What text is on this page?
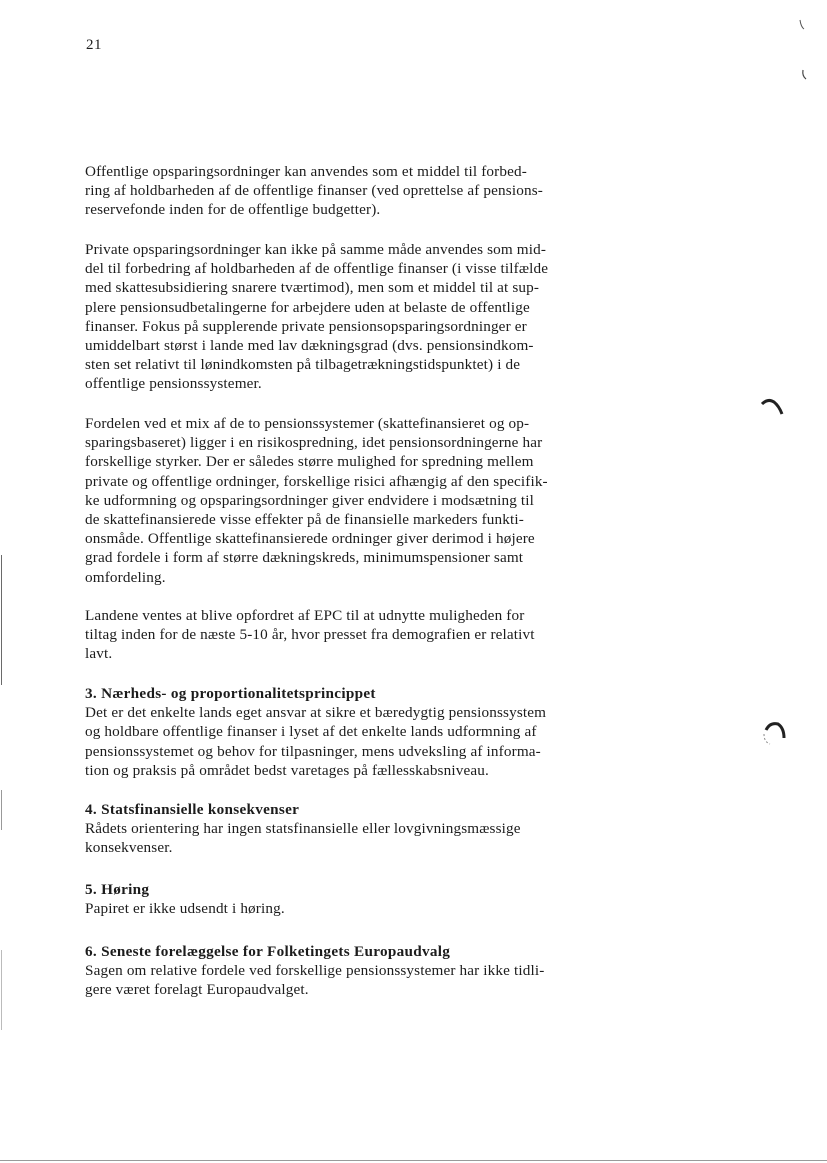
21

Offentlige opsparingsordninger kan anvendes som et middel til forbed-
ring af holdbarheden af de offentlige finanser (ved oprettelse af pensions-
reservefonde inden for de offentlige budgetter).

Private opsparingsordninger kan ikke på samme måde anvendes som mid-
del til forbedring af holdbarheden af de offentlige finanser (i visse tilfælde
med skattesubsidiering snarere tværtimod), men som et middel til at sup-
plere pensionsudbetalingerne for arbejdere uden at belaste de offentlige
finanser. Fokus på supplerende private pensionsopsparingsordninger er
umiddelbart størst i lande med lav dækningsgrad (dvs. pensionsindkom-
sten set relativt til lønindkomsten på tilbagetrækningstidspunktet) i de
offentlige pensionssystemer.

Fordelen ved et mix af de to pensionssystemer (skattefinansieret og op-
sparingsbaseret) ligger i en risikospredning, idet pensionsordningerne har
forskellige styrker. Der er således større mulighed for spredning mellem
private og offentlige ordninger, forskellige risici afhængig af den specifik-
ke udformning og opsparingsordninger giver endvidere i modsætning til
de skattefinansierede visse effekter på de finansielle markeders funkti-
onsmåde. Offentlige skattefinansierede ordninger giver derimod i højere
grad fordele i form af større dækningskreds, minimumspensioner samt
omfordeling.

Landene ventes at blive opfordret af EPC til at udnytte muligheden for
tiltag inden for de næste 5-10 år, hvor presset fra demografien er relativt
lavt.

3. Nærheds- og proportionalitetsprincippet

Det er det enkelte lands eget ansvar at sikre et bæredygtig pensionssystem
og holdbare offentlige finanser i lyset af det enkelte lands udformning af
pensionssystemet og behov for tilpasninger, mens udveksling af informa-
tion og praksis på området bedst varetages på fællesskabsniveau.

4. Statsfinansielle konsekvenser

Rådets orientering har ingen statsfinansielle eller lovgivningsmæssige
konsekvenser.

5. Høring

Papiret er ikke udsendt i høring.

6. Seneste forelæggelse for Folketingets Europaudvalg

Sagen om relative fordele ved forskellige pensionssystemer har ikke tidli-
gere været forelagt Europaudvalget.
